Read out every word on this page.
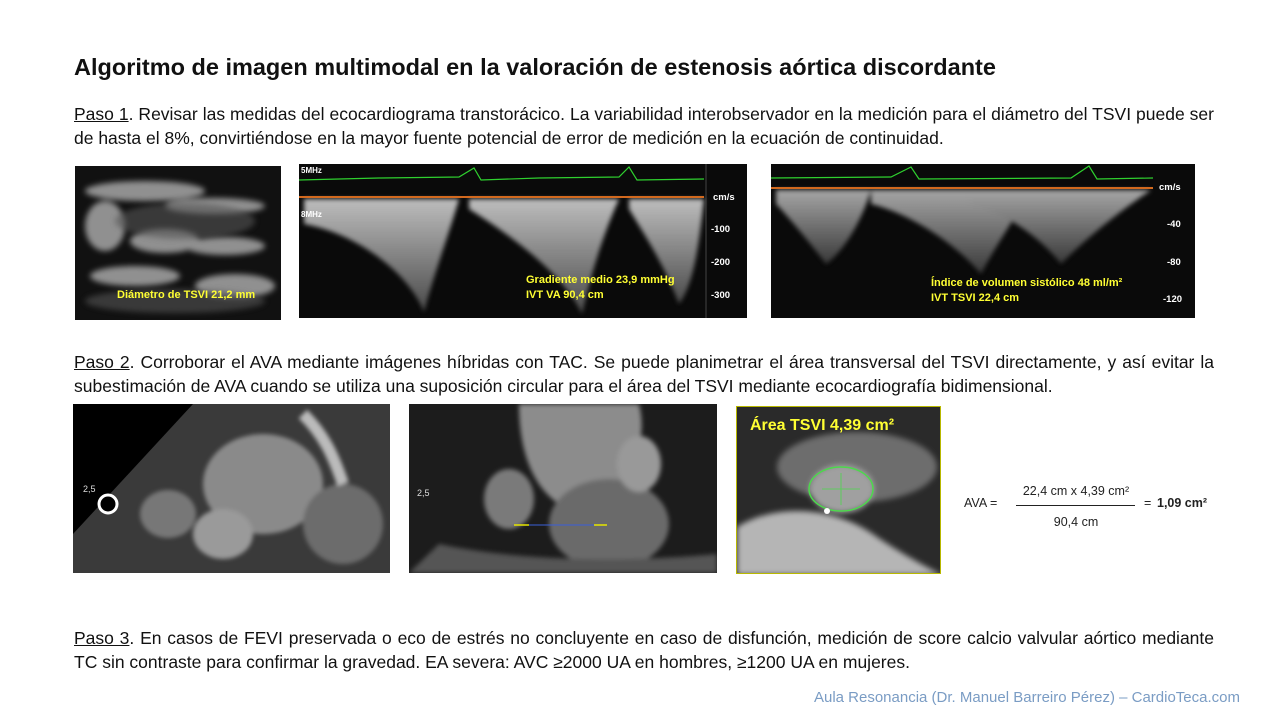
Algoritmo de imagen multimodal en la valoración de estenosis aórtica discordante
Paso 1. Revisar las medidas del ecocardiograma transtorácico. La variabilidad interobservador en la medición para el diámetro del TSVI puede ser de hasta el 8%, convirtiéndose en la mayor fuente potencial de error de medición en la ecuación de continuidad.
Diámetro de TSVI 21,2 mm
5MHz
8MHz
cm/s
-100
-200
-300
Gradiente medio 23,9 mmHg
IVT VA 90,4 cm
cm/s
-40
-80
-120
Índice de volumen sistólico 48 ml/m²
IVT TSVI 22,4 cm
Paso 2. Corroborar el AVA mediante imágenes híbridas con TAC. Se puede planimetrar el área transversal del TSVI directamente, y así evitar la subestimación de AVA cuando se utiliza una suposición circular para el área del TSVI mediante ecocardiografía bidimensional.
2,5	2,5
Área TSVI 4,39 cm²
AVA =
22,4 cm x 4,39 cm²
90,4 cm
= 1,09 cm²
Paso 3. En casos de FEVI preservada o eco de estrés no concluyente en caso de disfunción, medición de score calcio valvular aórtico mediante TC sin contraste para confirmar la gravedad. EA severa: AVC ≥2000 UA en hombres, ≥1200 UA en mujeres.
Aula Resonancia (Dr. Manuel Barreiro Pérez) – CardioTeca.com
